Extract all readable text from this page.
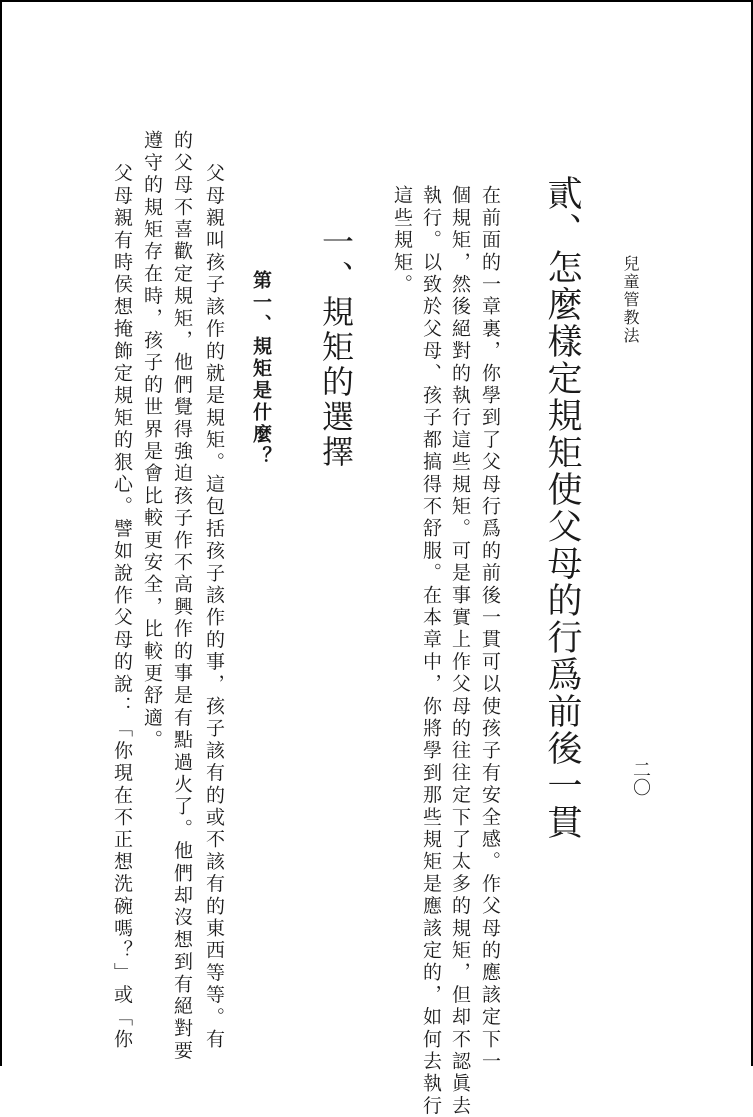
兒童管教法
二〇
貳、怎麼樣定規矩使父母的行爲前後一貫
在前面的一章裏，你學到了父母行爲的前後一貫可以使孩子有安全感。作父母的應該定下一
個規矩，然後絕對的執行這些規矩。可是事實上作父母的往往定下了太多的規矩，但却不認眞去
執行。以致於父母、孩子都搞得不舒服。在本章中，你將學到那些規矩是應該定的，如何去執行
這些規矩。
一、規矩的選擇
第一、規矩是什麼？
父母親叫孩子該作的就是規矩。這包括孩子該作的事，孩子該有的或不該有的東西等等。有
的父母不喜歡定規矩，他們覺得強迫孩子作不高興作的事是有點過火了。他們却沒想到有絕對要
遵守的規矩存在時，孩子的世界是會比較更安全，比較更舒適。
父母親有時侯想掩飾定規矩的狠心。譬如說作父母的說：「你現在不正想洗碗嗎？」或「你
